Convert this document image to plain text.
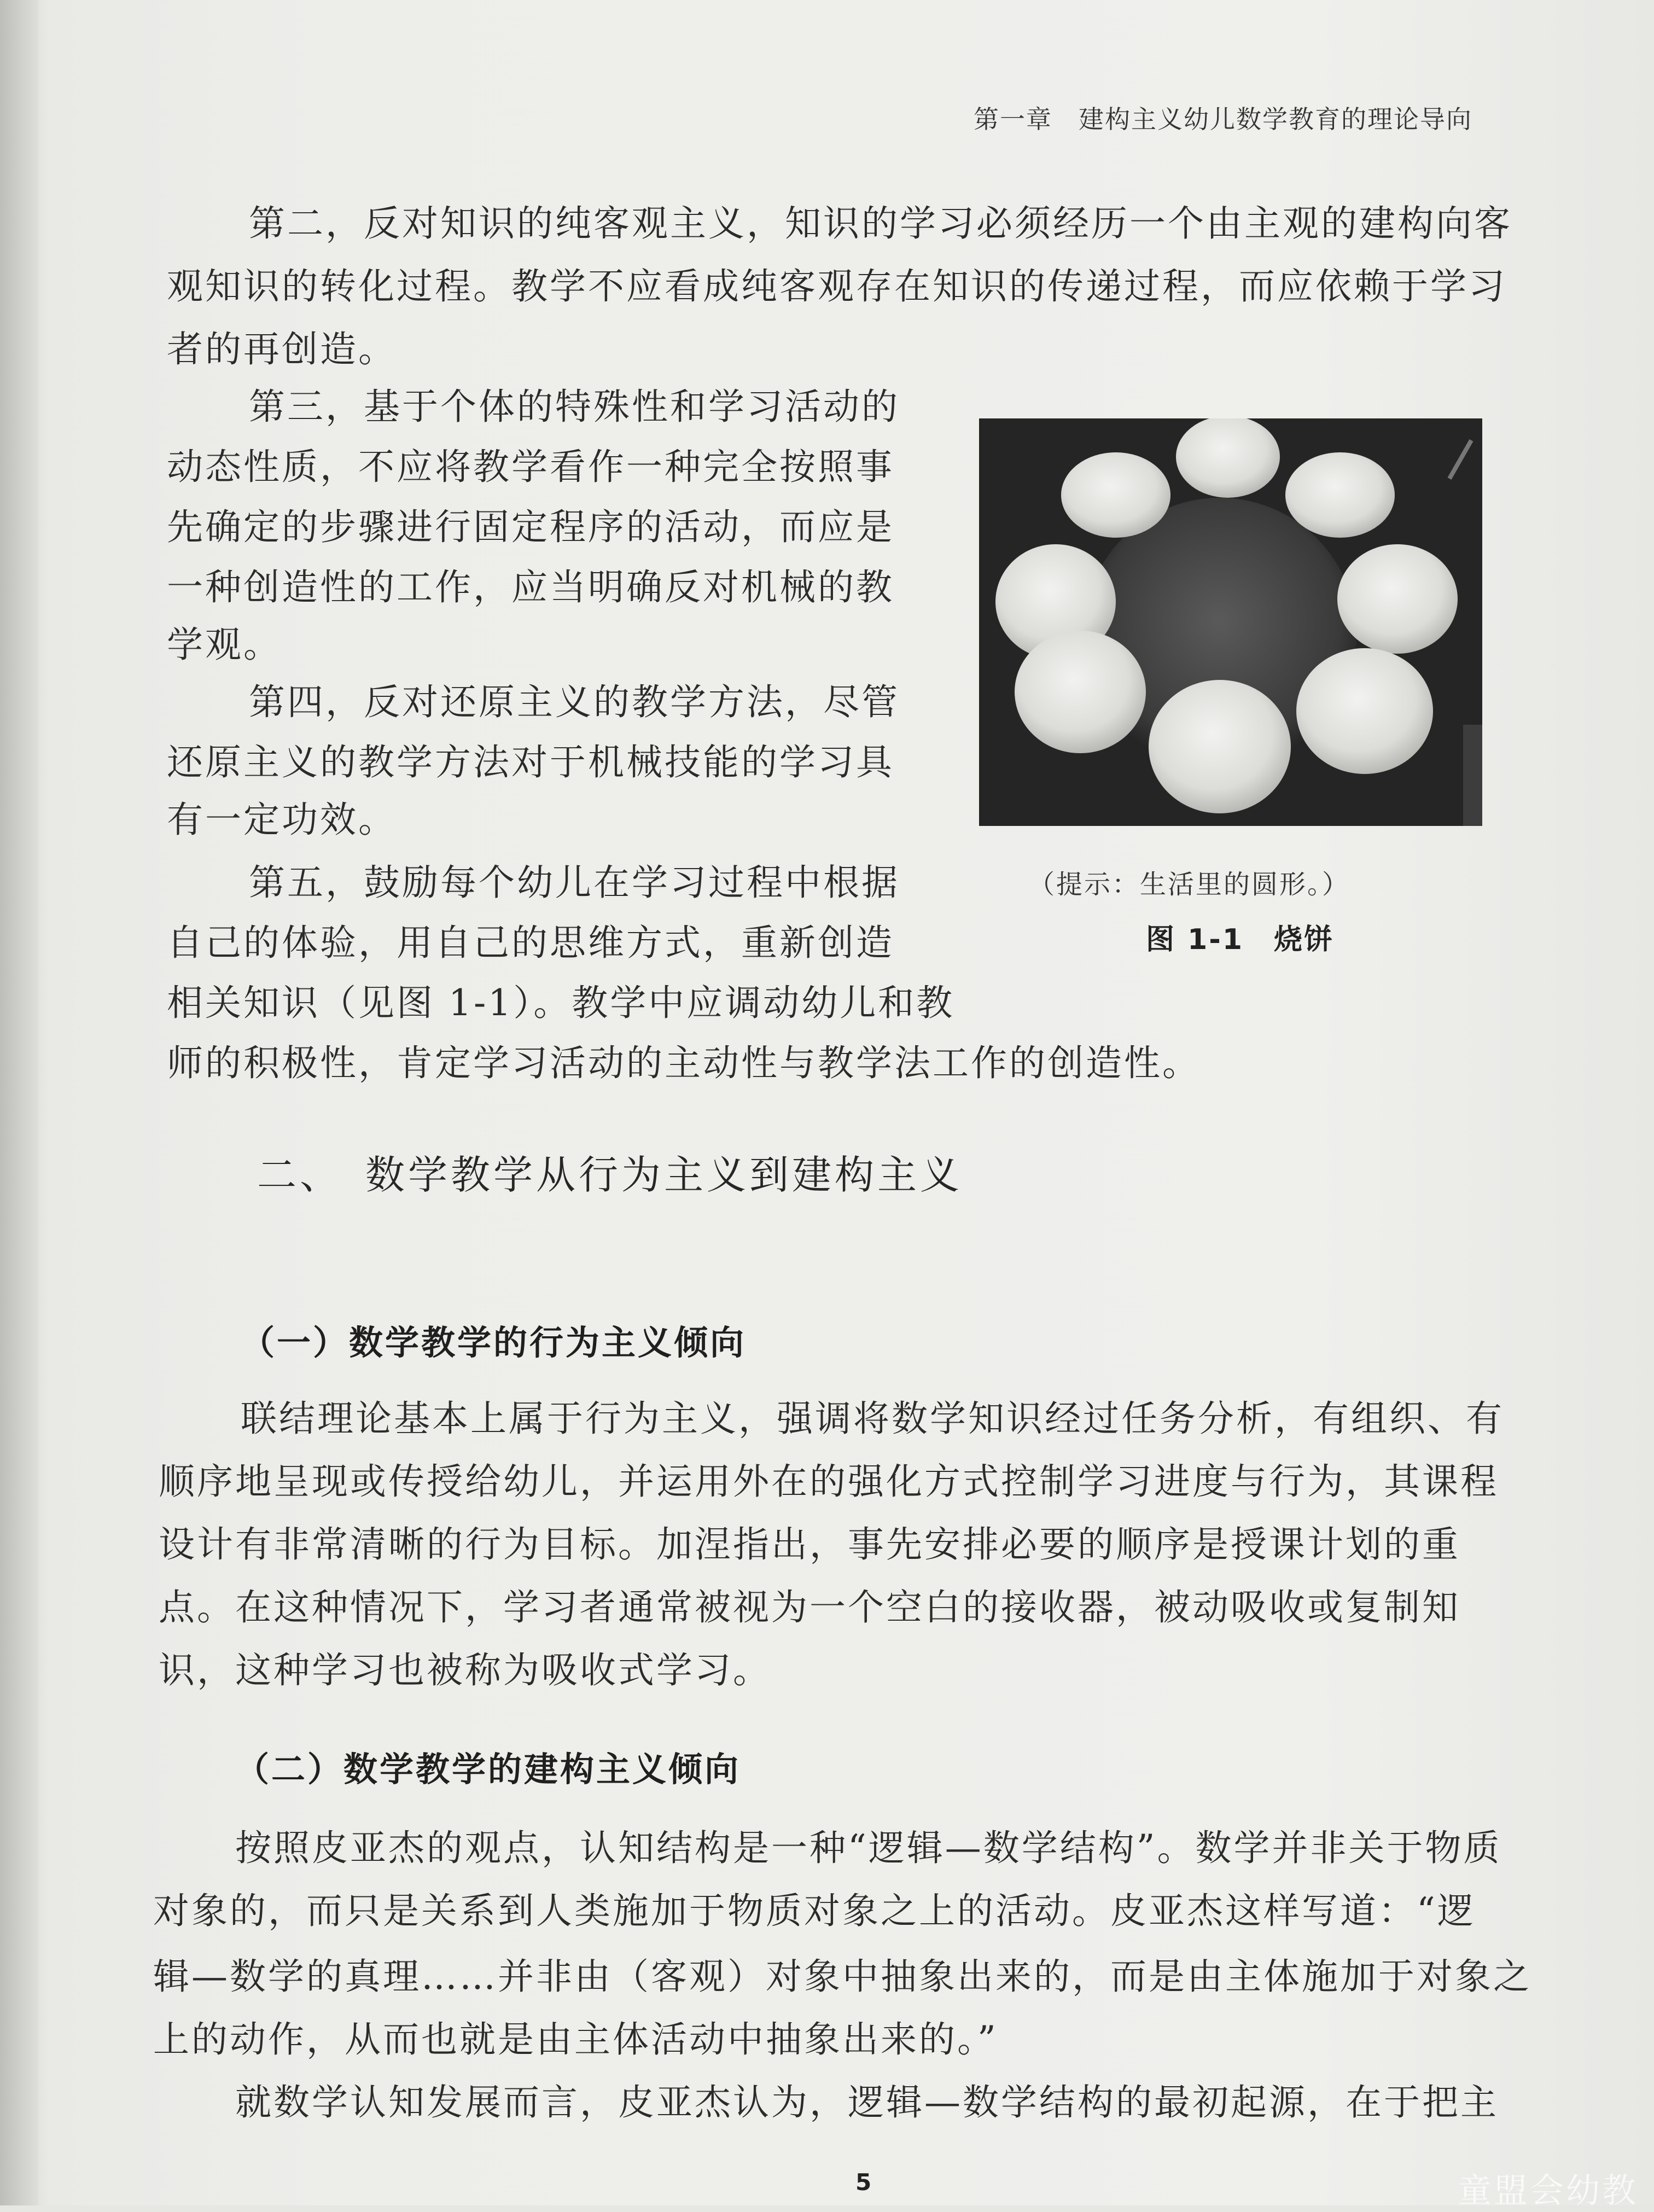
第一章　建构主义幼儿数学教育的理论导向
第二，反对知识的纯客观主义，知识的学习必须经历一个由主观的建构向客
观知识的转化过程。教学不应看成纯客观存在知识的传递过程，而应依赖于学习
者的再创造。
第三，基于个体的特殊性和学习活动的
动态性质，不应将教学看作一种完全按照事
先确定的步骤进行固定程序的活动，而应是
一种创造性的工作，应当明确反对机械的教
学观。
第四，反对还原主义的教学方法，尽管
还原主义的教学方法对于机械技能的学习具
有一定功效。
第五，鼓励每个幼儿在学习过程中根据
自己的体验，用自己的思维方式，重新创造
相关知识（见图 1-1）。教学中应调动幼儿和教
师的积极性，肯定学习活动的主动性与教学法工作的创造性。
（提示：生活里的圆形。）
图 1-1　烧饼
二、　数学教学从行为主义到建构主义
（一）数学教学的行为主义倾向
联结理论基本上属于行为主义，强调将数学知识经过任务分析，有组织、有
顺序地呈现或传授给幼儿，并运用外在的强化方式控制学习进度与行为，其课程
设计有非常清晰的行为目标。加涅指出，事先安排必要的顺序是授课计划的重
点。在这种情况下，学习者通常被视为一个空白的接收器，被动吸收或复制知
识，这种学习也被称为吸收式学习。
（二）数学教学的建构主义倾向
按照皮亚杰的观点，认知结构是一种“逻辑—数学结构”。数学并非关于物质
对象的，而只是关系到人类施加于物质对象之上的活动。皮亚杰这样写道：“逻
辑—数学的真理……并非由（客观）对象中抽象出来的，而是由主体施加于对象之
上的动作，从而也就是由主体活动中抽象出来的。”
就数学认知发展而言，皮亚杰认为，逻辑—数学结构的最初起源，在于把主
5	童盟会幼教
